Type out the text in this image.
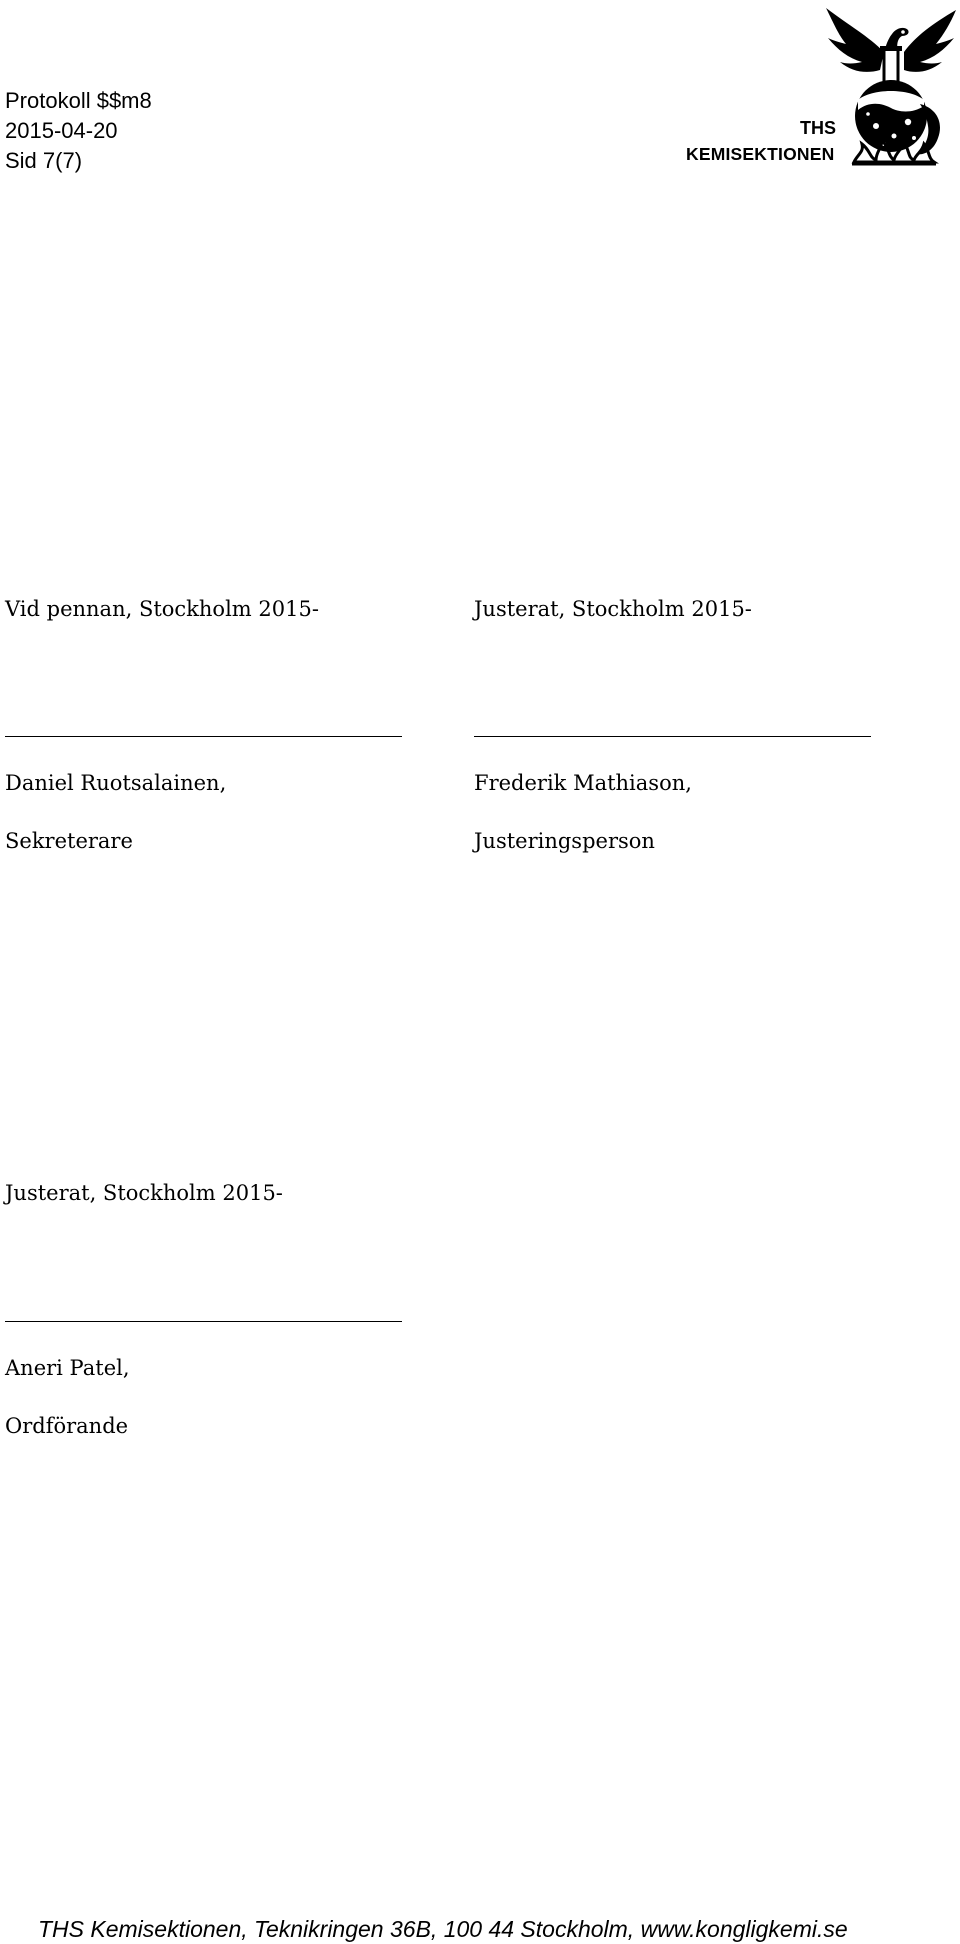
Protokoll $$m8
2015-04-20
Sid 7(7)
THS
KEMISEKTIONEN
Vid pennan, Stockholm 2015-
Daniel Ruotsalainen,
Sekreterare
Justerat, Stockholm 2015-
Frederik Mathiason,
Justeringsperson
Justerat, Stockholm 2015-
Aneri Patel,
Ordförande
THS Kemisektionen, Teknikringen 36B, 100 44 Stockholm, www.kongligkemi.se
